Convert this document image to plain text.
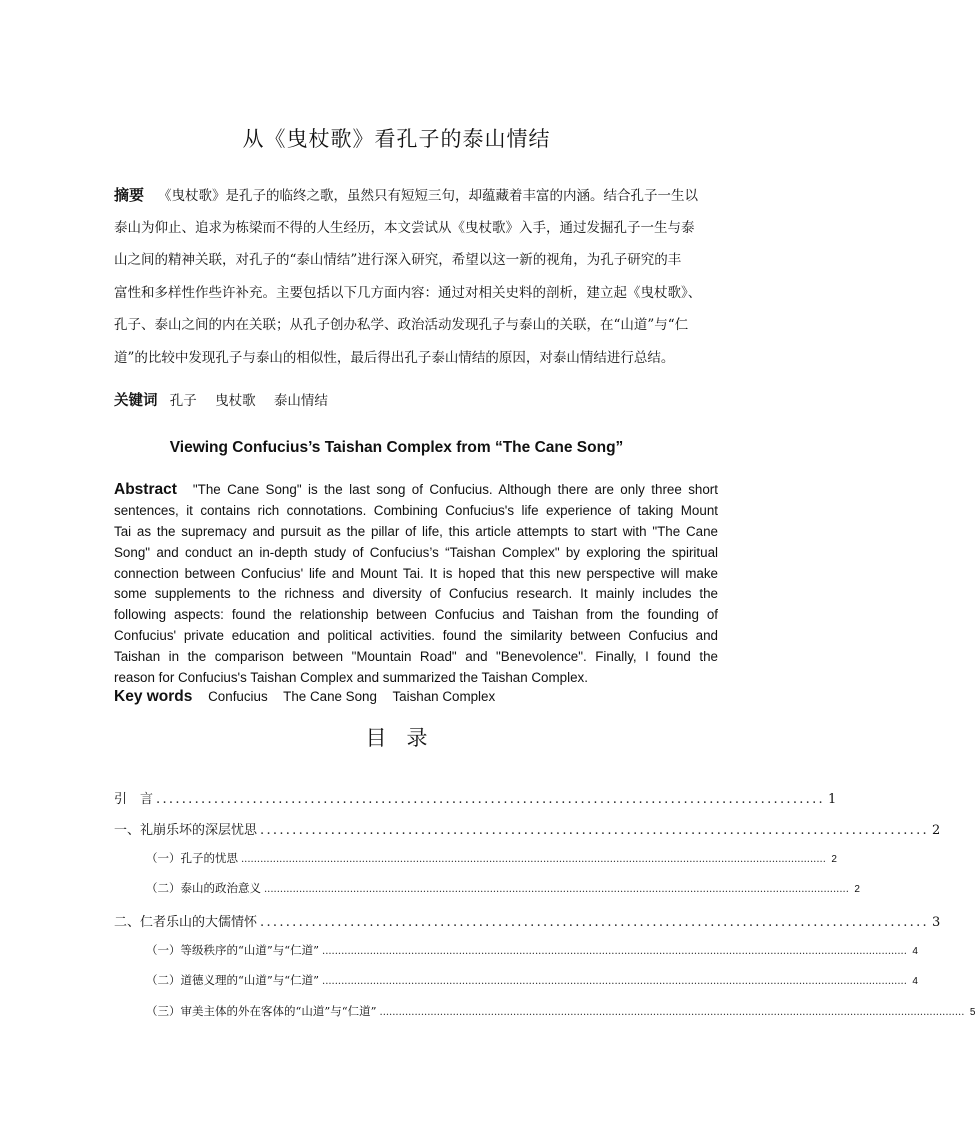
从《曳杖歌》看孔子的泰山情结
摘要 《曳杖歌》是孔子的临终之歌，虽然只有短短三句，却蕴藏着丰富的内涵。结合孔子一生以
泰山为仰止、追求为栋梁而不得的人生经历，本文尝试从《曳杖歌》入手，通过发掘孔子一生与泰
山之间的精神关联，对孔子的“泰山情结”进行深入研究，希望以这一新的视角，为孔子研究的丰
富性和多样性作些许补充。主要包括以下几方面内容：通过对相关史料的剖析，建立起《曳杖歌》、
孔子、泰山之间的内在关联；从孔子创办私学、政治活动发现孔子与泰山的关联，在“山道”与“仁
道”的比较中发现孔子与泰山的相似性，最后得出孔子泰山情结的原因，对泰山情结进行总结。
关键词 孔子 曳杖歌 泰山情结
Viewing Confucius’s Taishan Complex from “The Cane Song”
Abstract "The Cane Song" is the last song of Confucius. Although there are only three short
sentences, it contains rich connotations. Combining Confucius's life experience of taking Mount
Tai as the supremacy and pursuit as the pillar of life, this article attempts to start with "The Cane
Song" and conduct an in-depth study of Confucius’s “Taishan Complex" by exploring the spiritual
connection between Confucius' life and Mount Tai. It is hoped that this new perspective will make
some supplements to the richness and diversity of Confucius research. It mainly includes the
following aspects: found the relationship between Confucius and Taishan from the founding of
Confucius' private education and political activities. found the similarity between Confucius and
Taishan in the comparison between "Mountain Road" and "Benevolence". Finally, I found the
reason for Confucius's Taishan Complex and summarized the Taishan Complex.
Key words Confucius The Cane Song Taishan Complex
目录
引　言 ........................................................................................................ 1
一、礼崩乐坏的深层忧思 ........................................................................................................ 2
（一）孔子的忧思 ........................................................................................................................................................................................ 2
（二）泰山的政治意义 ........................................................................................................................................................................................ 2
二、仁者乐山的大儒情怀 ........................................................................................................ 3
（一）等级秩序的“山道”与“仁道” ........................................................................................................................................................................................ 4
（二）道德义理的“山道”与“仁道” ........................................................................................................................................................................................ 4
（三）审美主体的外在客体的“山道”与“仁道” ........................................................................................................................................................................................ 5
